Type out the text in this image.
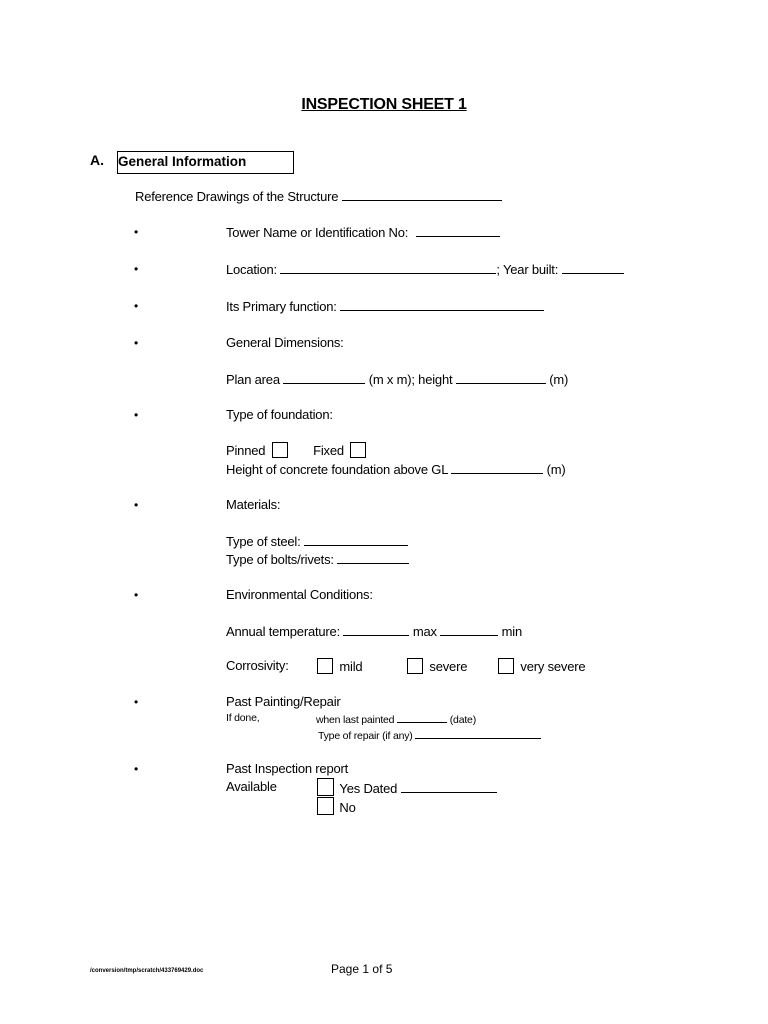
INSPECTION SHEET 1
A. General Information
Reference Drawings of the Structure
•	Tower Name or Identification No:
•	Location:	; Year built:
•	Its Primary function:
•	General Dimensions:
Plan area	(m x m); height	(m)
•	Type of foundation:
Pinned	Fixed
Height of concrete foundation above GL	(m)
•	Materials:
Type of steel:
Type of bolts/rivets:
•	Environmental Conditions:
Annual temperature:	max	min
Corrosivity:	mild	severe	very severe
•	Past Painting/Repair
If done,	when last painted	(date)
Type of repair (if any)
•	Past Inspection report
Available	Yes Dated
No
/conversion/tmp/scratch/433769429.doc	Page 1 of 5
